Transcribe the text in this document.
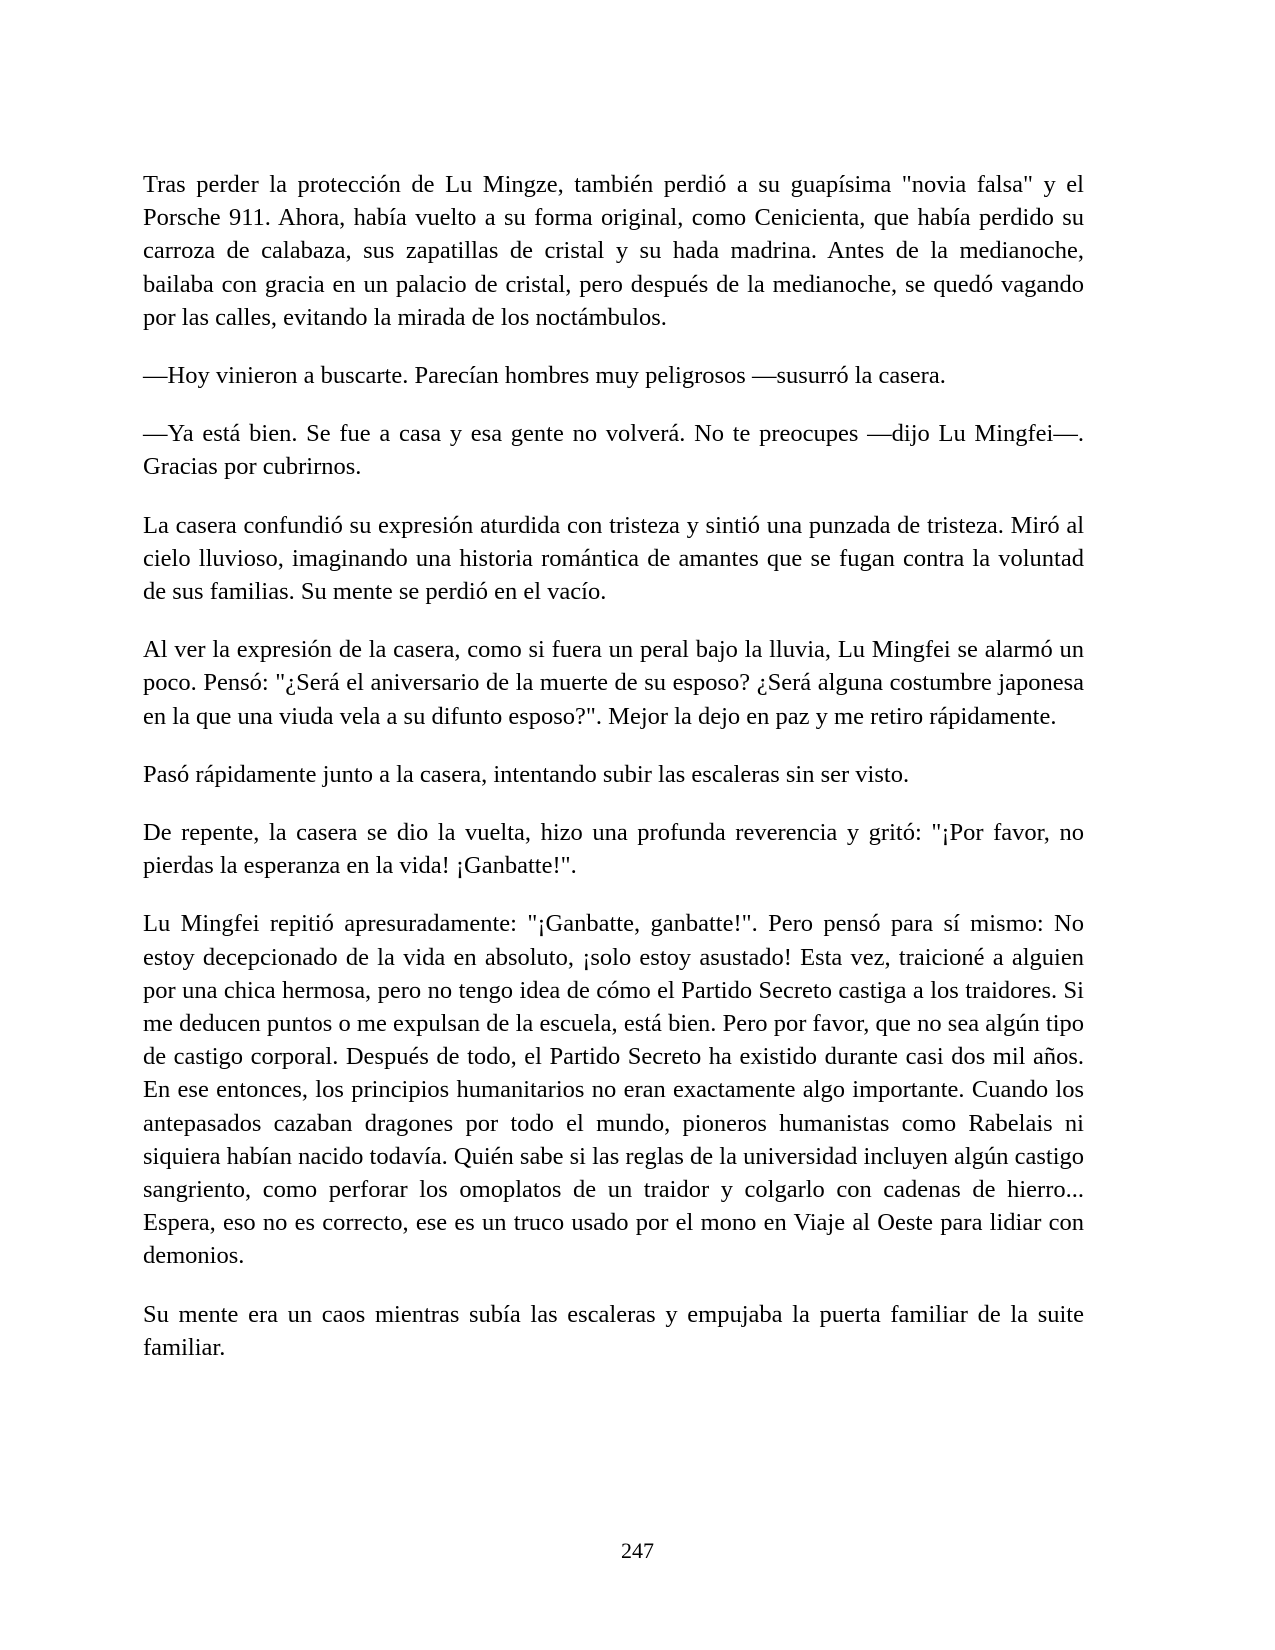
Tras perder la protección de Lu Mingze, también perdió a su guapísima "novia falsa" y el Porsche 911. Ahora, había vuelto a su forma original, como Cenicienta, que había perdido su carroza de calabaza, sus zapatillas de cristal y su hada madrina. Antes de la medianoche, bailaba con gracia en un palacio de cristal, pero después de la medianoche, se quedó vagando por las calles, evitando la mirada de los noctámbulos.

—Hoy vinieron a buscarte. Parecían hombres muy peligrosos —susurró la casera.

—Ya está bien. Se fue a casa y esa gente no volverá. No te preocupes —dijo Lu Mingfei—. Gracias por cubrirnos.

La casera confundió su expresión aturdida con tristeza y sintió una punzada de tristeza. Miró al cielo lluvioso, imaginando una historia romántica de amantes que se fugan contra la voluntad de sus familias. Su mente se perdió en el vacío.

Al ver la expresión de la casera, como si fuera un peral bajo la lluvia, Lu Mingfei se alarmó un poco. Pensó: "¿Será el aniversario de la muerte de su esposo? ¿Será alguna costumbre japonesa en la que una viuda vela a su difunto esposo?". Mejor la dejo en paz y me retiro rápidamente.

Pasó rápidamente junto a la casera, intentando subir las escaleras sin ser visto.

De repente, la casera se dio la vuelta, hizo una profunda reverencia y gritó: "¡Por favor, no pierdas la esperanza en la vida! ¡Ganbatte!".

Lu Mingfei repitió apresuradamente: "¡Ganbatte, ganbatte!". Pero pensó para sí mismo: No estoy decepcionado de la vida en absoluto, ¡solo estoy asustado! Esta vez, traicioné a alguien por una chica hermosa, pero no tengo idea de cómo el Partido Secreto castiga a los traidores. Si me deducen puntos o me expulsan de la escuela, está bien. Pero por favor, que no sea algún tipo de castigo corporal. Después de todo, el Partido Secreto ha existido durante casi dos mil años. En ese entonces, los principios humanitarios no eran exactamente algo importante. Cuando los antepasados cazaban dragones por todo el mundo, pioneros humanistas como Rabelais ni siquiera habían nacido todavía. Quién sabe si las reglas de la universidad incluyen algún castigo sangriento, como perforar los omoplatos de un traidor y colgarlo con cadenas de hierro... Espera, eso no es correcto, ese es un truco usado por el mono en Viaje al Oeste para lidiar con demonios.

Su mente era un caos mientras subía las escaleras y empujaba la puerta familiar de la suite familiar.

247
